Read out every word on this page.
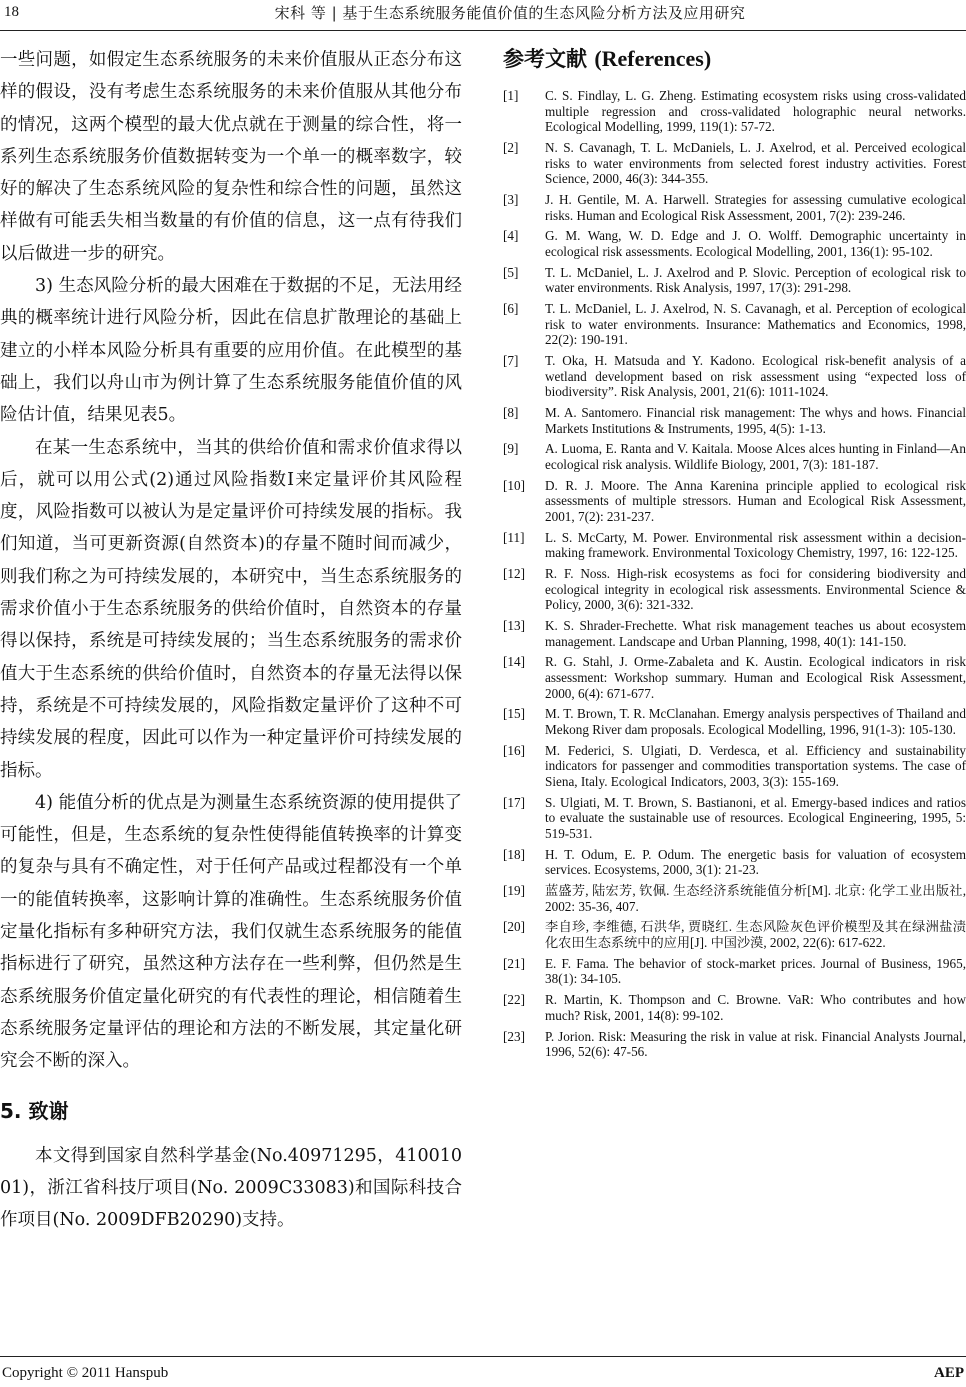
18	宋科 等 | 基于生态系统服务能值价值的生态风险分析方法及应用研究

一些问题，如假定生态系统服务的未来价值服从正态分布这样的假设，没有考虑生态系统服务的未来价值服从其他分布的情况，这两个模型的最大优点就在于测量的综合性，将一系列生态系统服务价值数据转变为一个单一的概率数字，较好的解决了生态系统风险的复杂性和综合性的问题，虽然这样做有可能丢失相当数量的有价值的信息，这一点有待我们以后做进一步的研究。

3) 生态风险分析的最大困难在于数据的不足，无法用经典的概率统计进行风险分析，因此在信息扩散理论的基础上建立的小样本风险分析具有重要的应用价值。在此模型的基础上，我们以舟山市为例计算了生态系统服务能值价值的风险估计值，结果见表5。

在某一生态系统中，当其的供给价值和需求价值求得以后，就可以用公式(2)通过风险指数I来定量评价其风险程度，风险指数可以被认为是定量评价可持续发展的指标。我们知道，当可更新资源(自然资本)的存量不随时间而减少，则我们称之为可持续发展的，本研究中，当生态系统服务的需求价值小于生态系统服务的供给价值时，自然资本的存量得以保持，系统是可持续发展的；当生态系统服务的需求价值大于生态系统的供给价值时，自然资本的存量无法得以保持，系统是不可持续发展的，风险指数定量评价了这种不可持续发展的程度，因此可以作为一种定量评价可持续发展的指标。

4) 能值分析的优点是为测量生态系统资源的使用提供了可能性，但是，生态系统的复杂性使得能值转换率的计算变的复杂与具有不确定性，对于任何产品或过程都没有一个单一的能值转换率，这影响计算的准确性。生态系统服务价值定量化指标有多种研究方法，我们仅就生态系统服务的能值指标进行了研究，虽然这种方法存在一些利弊，但仍然是生态系统服务价值定量化研究的有代表性的理论，相信随着生态系统服务定量评估的理论和方法的不断发展，其定量化研究会不断的深入。

5. 致谢

本文得到国家自然科学基金(No.40971295，41001001)，浙江省科技厅项目(No. 2009C33083)和国际科技合作项目(No. 2009DFB20290)支持。

参考文献 (References)
[1]	C. S. Findlay, L. G. Zheng. Estimating ecosystem risks using cross-validated multiple regression and cross-validated holographic neural networks. Ecological Modelling, 1999, 119(1): 57-72.
[2]	N. S. Cavanagh, T. L. McDaniels, L. J. Axelrod, et al. Perceived ecological risks to water environments from selected forest industry activities. Forest Science, 2000, 46(3): 344-355.
[3]	J. H. Gentile, M. A. Harwell. Strategies for assessing cumulative ecological risks. Human and Ecological Risk Assessment, 2001, 7(2): 239-246.
[4]	G. M. Wang, W. D. Edge and J. O. Wolff. Demographic uncertainty in ecological risk assessments. Ecological Modelling, 2001, 136(1): 95-102.
[5]	T. L. McDaniel, L. J. Axelrod and P. Slovic. Perception of ecological risk to water environments. Risk Analysis, 1997, 17(3): 291-298.
[6]	T. L. McDaniel, L. J. Axelrod, N. S. Cavanagh, et al. Perception of ecological risk to water environments. Insurance: Mathematics and Economics, 1998, 22(2): 190-191.
[7]	T. Oka, H. Matsuda and Y. Kadono. Ecological risk-benefit analysis of a wetland development based on risk assessment using “expected loss of biodiversity”. Risk Analysis, 2001, 21(6): 1011-1024.
[8]	M. A. Santomero. Financial risk management: The whys and hows. Financial Markets Institutions & Instruments, 1995, 4(5): 1-13.
[9]	A. Luoma, E. Ranta and V. Kaitala. Moose Alces alces hunting in Finland—An ecological risk analysis. Wildlife Biology, 2001, 7(3): 181-187.
[10]	D. R. J. Moore. The Anna Karenina principle applied to ecological risk assessments of multiple stressors. Human and Ecological Risk Assessment, 2001, 7(2): 231-237.
[11]	L. S. McCarty, M. Power. Environmental risk assessment within a decision-making framework. Environmental Toxicology Chemistry, 1997, 16: 122-125.
[12]	R. F. Noss. High-risk ecosystems as foci for considering biodiversity and ecological integrity in ecological risk assessments. Environmental Science & Policy, 2000, 3(6): 321-332.
[13]	K. S. Shrader-Frechette. What risk management teaches us about ecosystem management. Landscape and Urban Planning, 1998, 40(1): 141-150.
[14]	R. G. Stahl, J. Orme-Zabaleta and K. Austin. Ecological indicators in risk assessment: Workshop summary. Human and Ecological Risk Assessment, 2000, 6(4): 671-677.
[15]	M. T. Brown, T. R. McClanahan. Emergy analysis perspectives of Thailand and Mekong River dam proposals. Ecological Modelling, 1996, 91(1-3): 105-130.
[16]	M. Federici, S. Ulgiati, D. Verdesca, et al. Efficiency and sustainability indicators for passenger and commodities transportation systems. The case of Siena, Italy. Ecological Indicators, 2003, 3(3): 155-169.
[17]	S. Ulgiati, M. T. Brown, S. Bastianoni, et al. Emergy-based indices and ratios to evaluate the sustainable use of resources. Ecological Engineering, 1995, 5: 519-531.
[18]	H. T. Odum, E. P. Odum. The energetic basis for valuation of ecosystem services. Ecosystems, 2000, 3(1): 21-23.
[19]	蓝盛芳, 陆宏芳, 钦佩. 生态经济系统能值分析[M]. 北京: 化学工业出版社, 2002: 35-36, 407.
[20]	李自珍, 李维德, 石洪华, 贾晓红. 生态风险灰色评价模型及其在绿洲盐渍化农田生态系统中的应用[J]. 中国沙漠, 2002, 22(6): 617-622.
[21]	E. F. Fama. The behavior of stock-market prices. Journal of Business, 1965, 38(1): 34-105.
[22]	R. Martin, K. Thompson and C. Browne. VaR: Who contributes and how much? Risk, 2001, 14(8): 99-102.
[23]	P. Jorion. Risk: Measuring the risk in value at risk. Financial Analysts Journal, 1996, 52(6): 47-56.
Copyright © 2011 Hanspub	AEP
